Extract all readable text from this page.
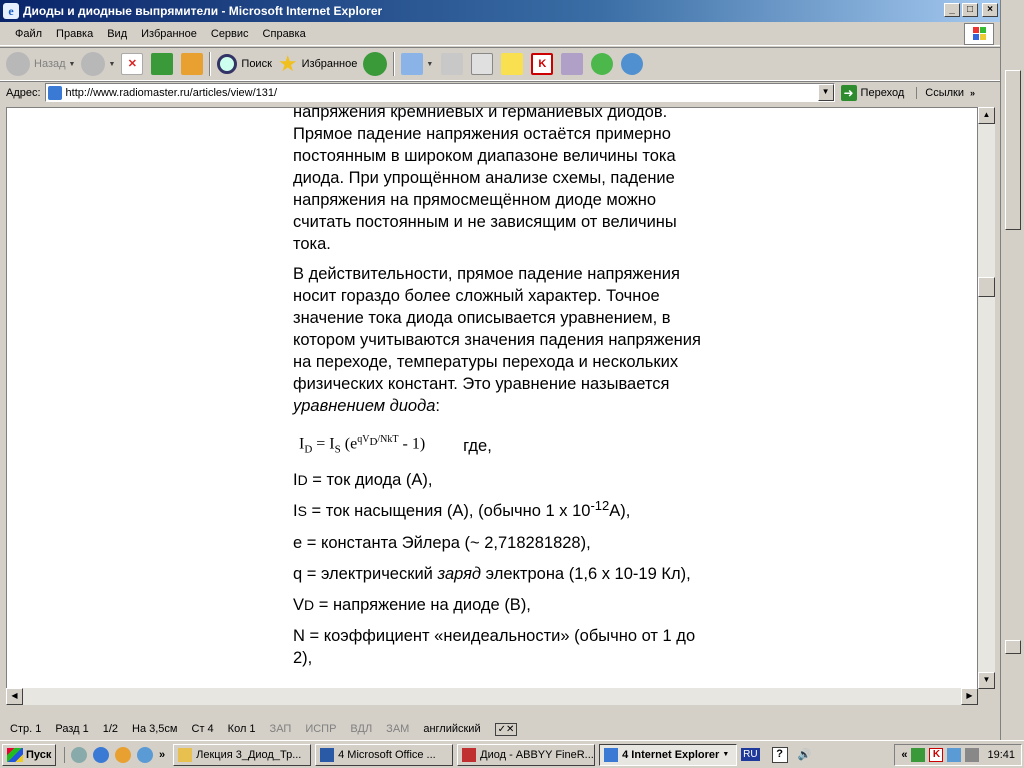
e Диоды и диодные выпрямители - Microsoft Internet Explorer	_	□	×
Файл	Правка	Вид	Избранное	Сервис	Справка
Назад ▼	▼	✕	Поиск ★ Избранное	▼	K
Адрес: http://www.radiomaster.ru/articles/view/131/	▼	➜ Переход Ссылки »

напряжения кремниевых и германиевых диодов.
Прямое падение напряжения остаётся примерно
постоянным в широком диапазоне величины тока
диода. При упрощённом анализе схемы, падение
напряжения на прямосмещённом диоде можно
считать постоянным и не зависящим от величины
тока.

В действительности, прямое падение напряжения
носит гораздо более сложный характер. Точное
значение тока диода описывается уравнением, в
котором учитываются значения падения напряжения
на переходе, температуры перехода и нескольких
физических констант. Это уравнение называется
уравнением диода:

$I_D = I_S$ $(e^{qV_D/NkT} - 1)$ где,
ID = ток диода (А),
IS = ток насыщения (А), (обычно 1 х $10^{-12}А$),
е = константа Эйлера (~ 2,718281828),
q = электрический заряд электрона (1,6 х 10-19 Кл),
VD = напряжение на диоде (В),
N = коэффициент «неидеальности» (обычно от 1 до
2),
▲
▼
◀	▶
Стр. 1 Разд 1 1/2 На 3,5см Ст 4 Кол 1 ЗАП ИСПР ВДЛ ЗАМ английский	✓✕
Пуск	»	Лекция 3_Диод_Тр...	4 Microsoft Office ...	Диод - ABBYY FineR...	4 Internet Explorer ▼ RU	?	🔊	«	K	19:41
